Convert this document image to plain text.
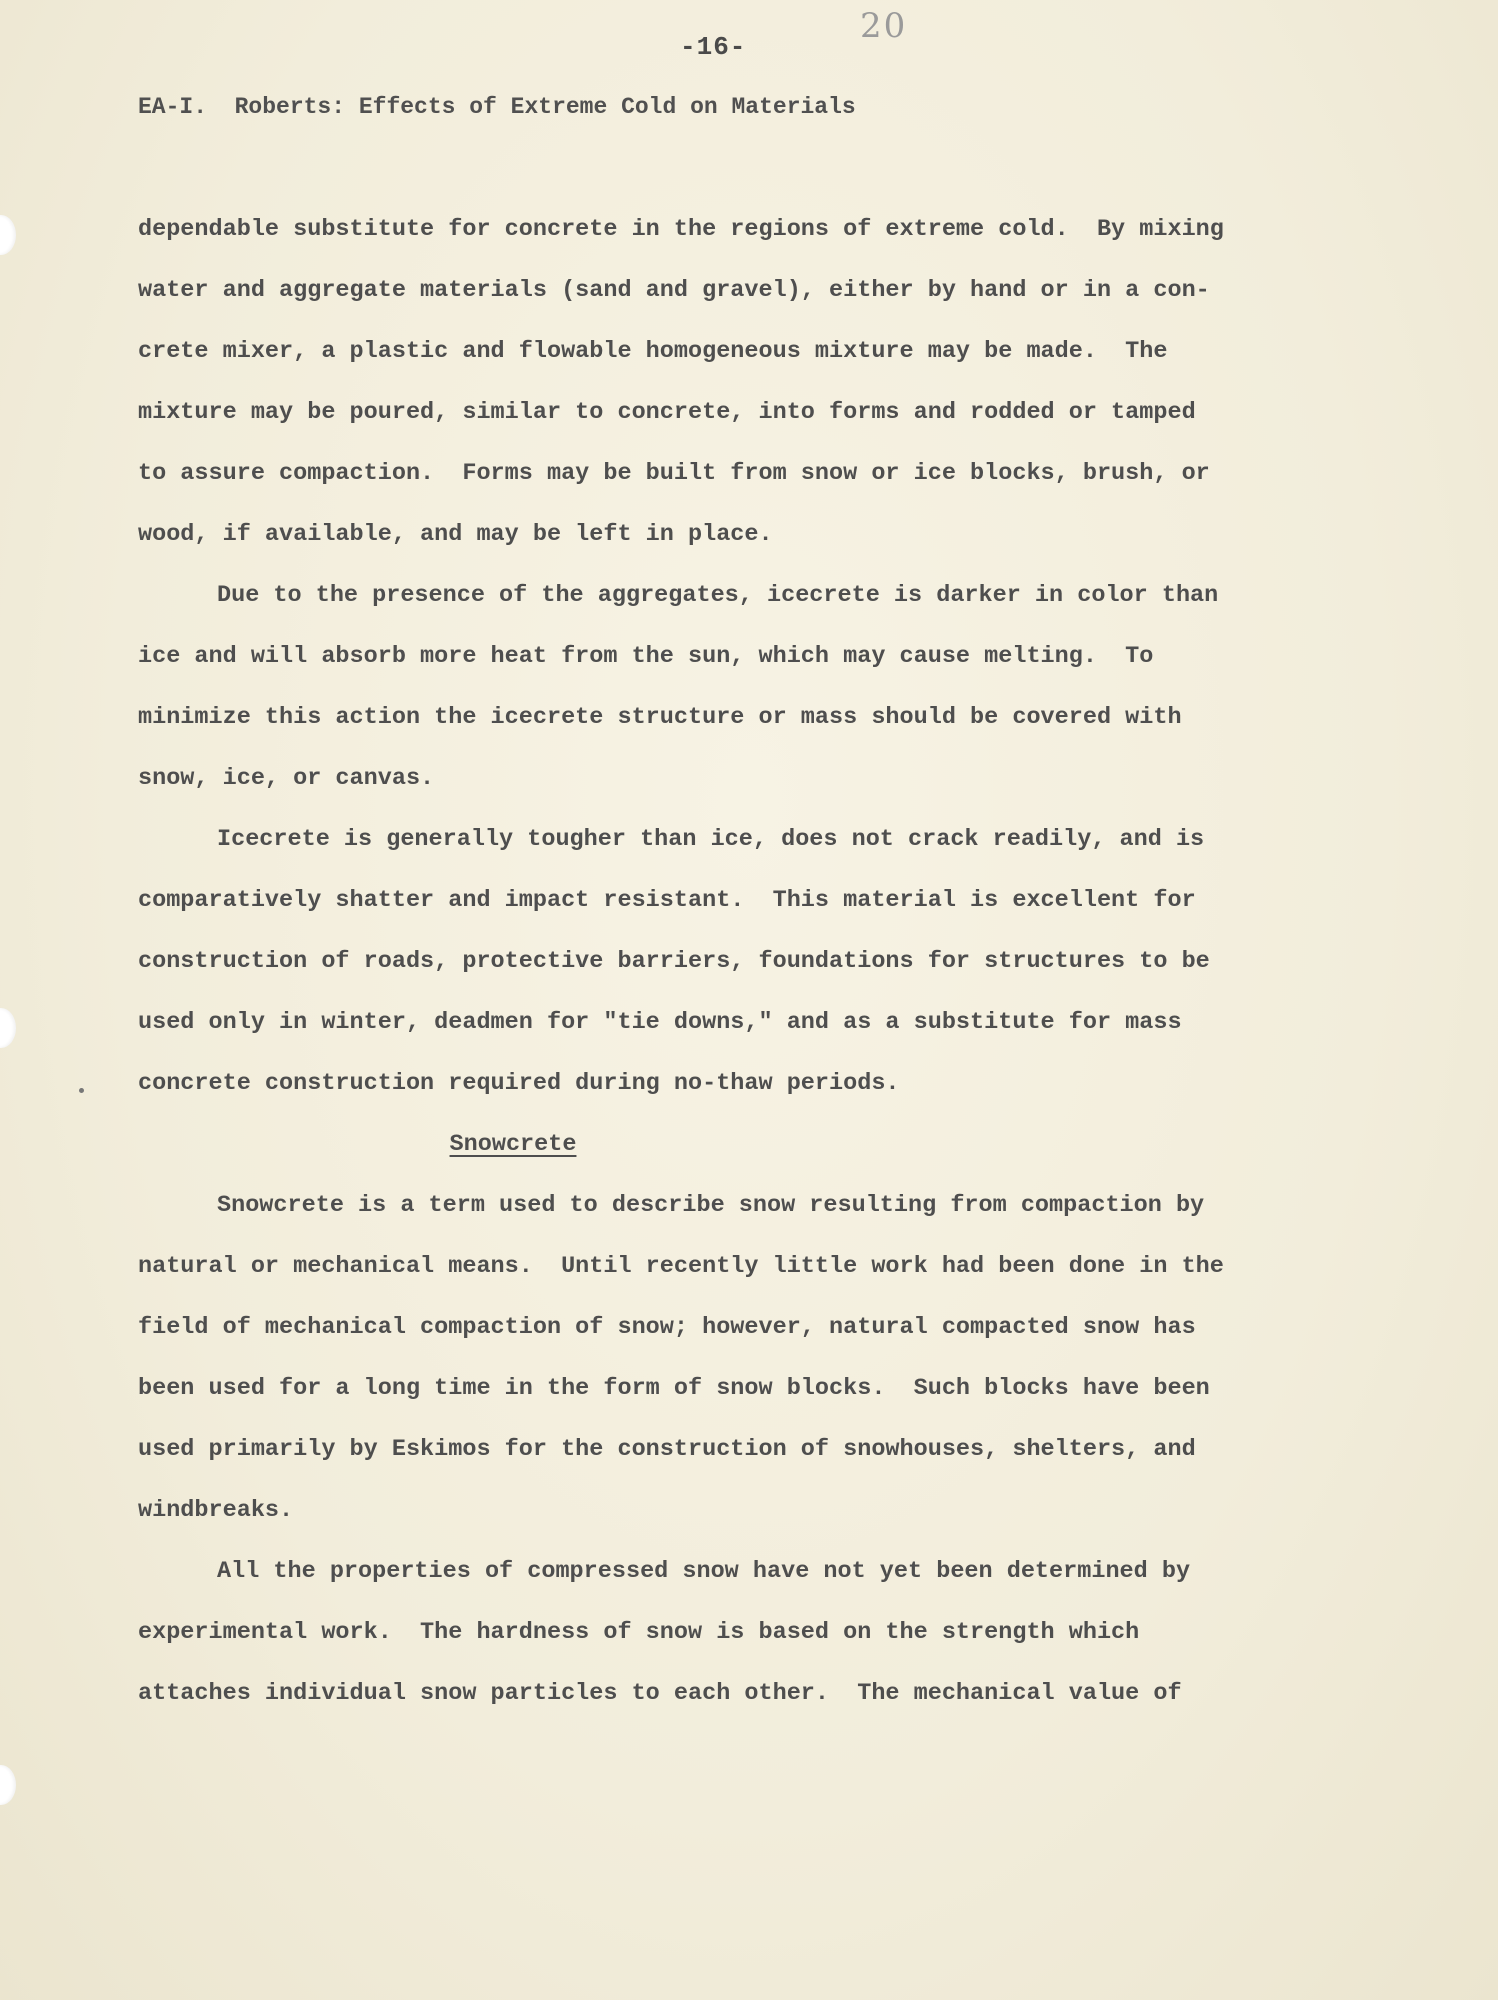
20
-16-
EA-I.  Roberts: Effects of Extreme Cold on Materials
dependable substitute for concrete in the regions of extreme cold.  By mixing
water and aggregate materials (sand and gravel), either by hand or in a con-
crete mixer, a plastic and flowable homogeneous mixture may be made.  The
mixture may be poured, similar to concrete, into forms and rodded or tamped
to assure compaction.  Forms may be built from snow or ice blocks, brush, or
wood, if available, and may be left in place.
Due to the presence of the aggregates, icecrete is darker in color than
ice and will absorb more heat from the sun, which may cause melting.  To
minimize this action the icecrete structure or mass should be covered with
snow, ice, or canvas.
Icecrete is generally tougher than ice, does not crack readily, and is
comparatively shatter and impact resistant.  This material is excellent for
construction of roads, protective barriers, foundations for structures to be
used only in winter, deadmen for "tie downs," and as a substitute for mass
concrete construction required during no-thaw periods.
Snowcrete
Snowcrete is a term used to describe snow resulting from compaction by
natural or mechanical means.  Until recently little work had been done in the
field of mechanical compaction of snow; however, natural compacted snow has
been used for a long time in the form of snow blocks.  Such blocks have been
used primarily by Eskimos for the construction of snowhouses, shelters, and
windbreaks.
All the properties of compressed snow have not yet been determined by
experimental work.  The hardness of snow is based on the strength which
attaches individual snow particles to each other.  The mechanical value of
